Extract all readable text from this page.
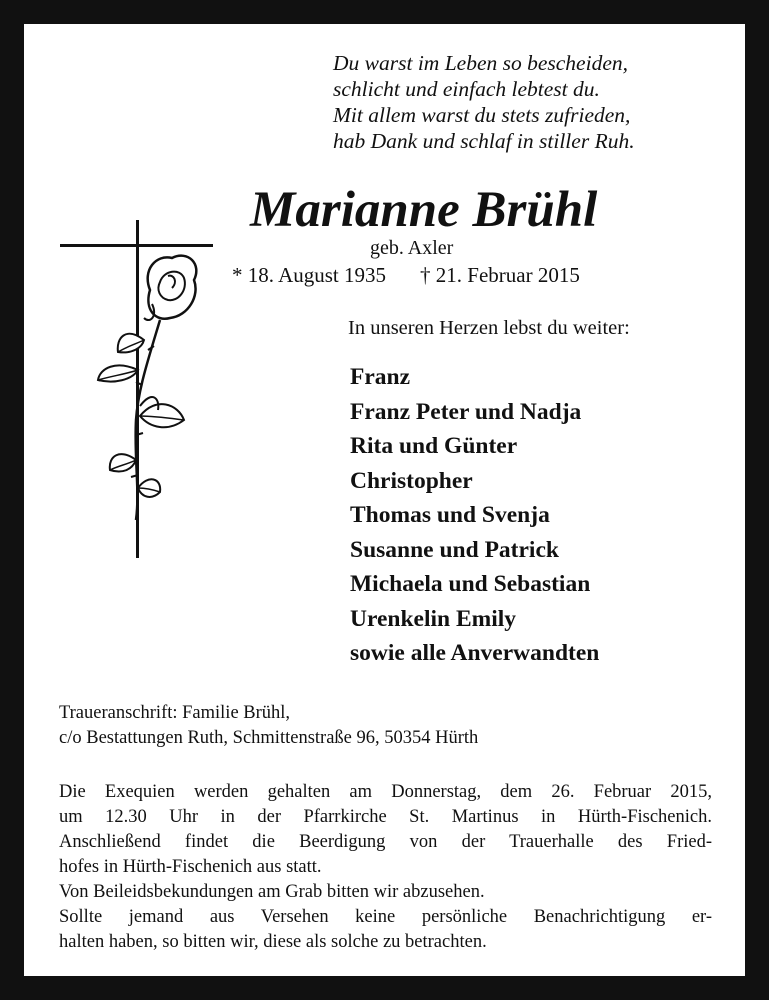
Du warst im Leben so bescheiden,
schlicht und einfach lebtest du.
Mit allem warst du stets zufrieden,
hab Dank und schlaf in stiller Ruh.
Marianne Brühl
geb. Axler
* 18. August 1935 † 21. Februar 2015
In unseren Herzen lebst du weiter:
Franz
Franz Peter und Nadja
Rita und Günter
Christopher
Thomas und Svenja
Susanne und Patrick
Michaela und Sebastian
Urenkelin Emily
sowie alle Anverwandten
Traueranschrift: Familie Brühl,
c/o Bestattungen Ruth, Schmittenstraße 96, 50354 Hürth
Die Exequien werden gehalten am Donnerstag, dem 26. Februar 2015,
um 12.30 Uhr in der Pfarrkirche St. Martinus in Hürth-Fischenich.
Anschließend findet die Beerdigung von der Trauerhalle des Fried-
hofes in Hürth-Fischenich aus statt.
Von Beileidsbekundungen am Grab bitten wir abzusehen.
Sollte jemand aus Versehen keine persönliche Benachrichtigung er-
halten haben, so bitten wir, diese als solche zu betrachten.
